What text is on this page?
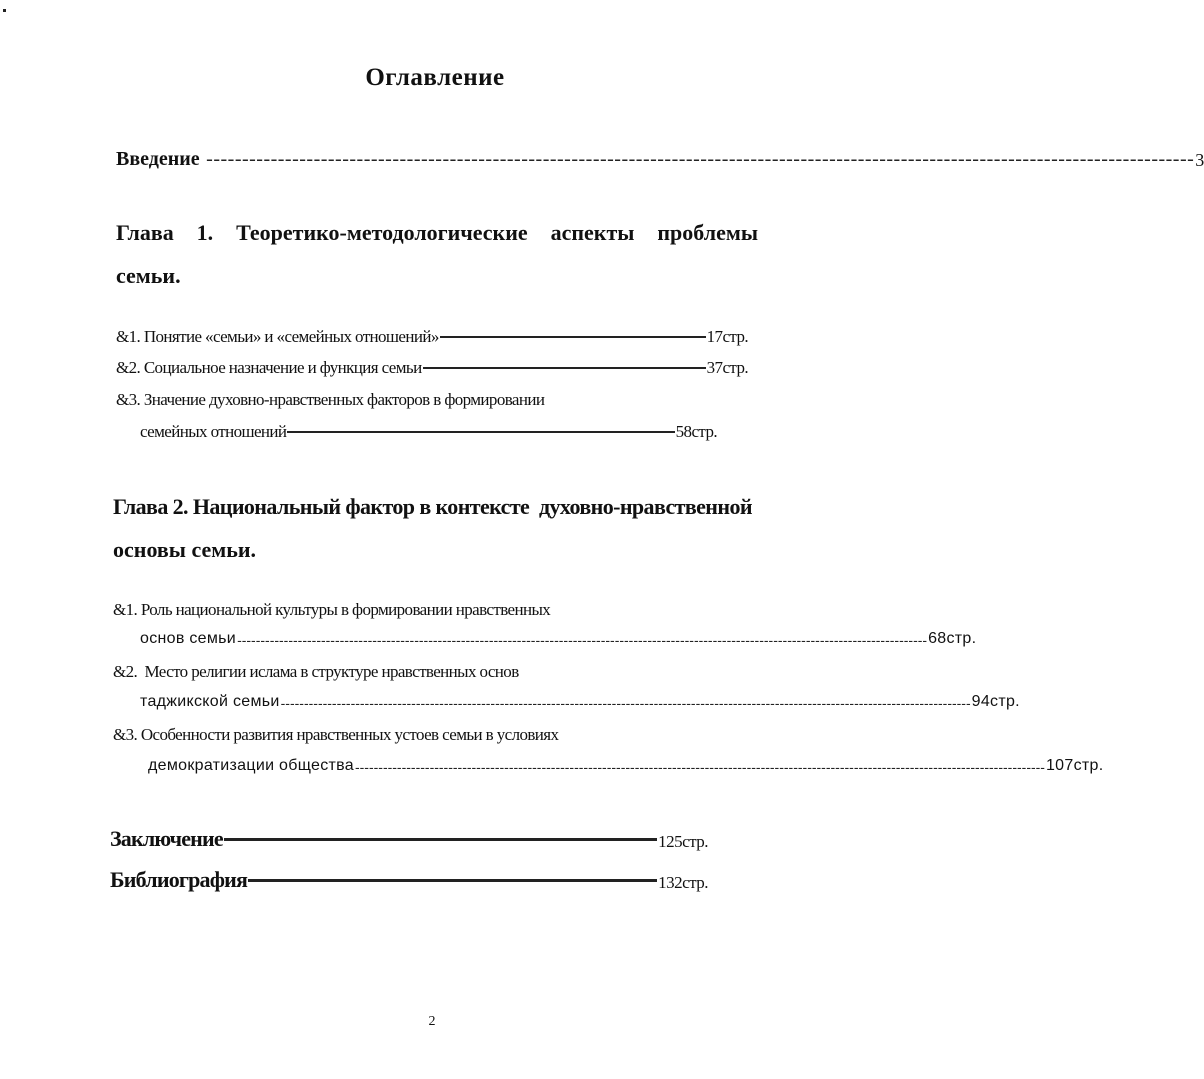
Оглавление
Введение ------------------------------------------------------------------------------------------------------------------------------------------ 3
Глава 1. Теоретико-методологические аспекты проблемы
семьи.
&1. Понятие «семьи» и «семейных отношений»	17стр.
&2. Социальное назначение и функция семьи	37стр.
&3. Значение духовно-нравственных факторов в формировании
семейных отношений	58стр.
Глава 2. Национальный фактор в контексте  духовно-нравственной
основы семьи.
&1. Роль национальной культуры в формировании нравственных
основ семьи ---------------------------------------------------------------------------------------------------------------------------------------------------- 68стр.
&2.  Место религии ислама в структуре нравственных основ
таджикской семьи ---------------------------------------------------------------------------------------------------------------------------------------------------- 94стр.
&3. Особенности развития нравственных устоев семьи в условиях
демократизации общества ---------------------------------------------------------------------------------------------------------------------------------------------------- 107стр.
Заключение	125стр.
Библиография	132стр.
2
